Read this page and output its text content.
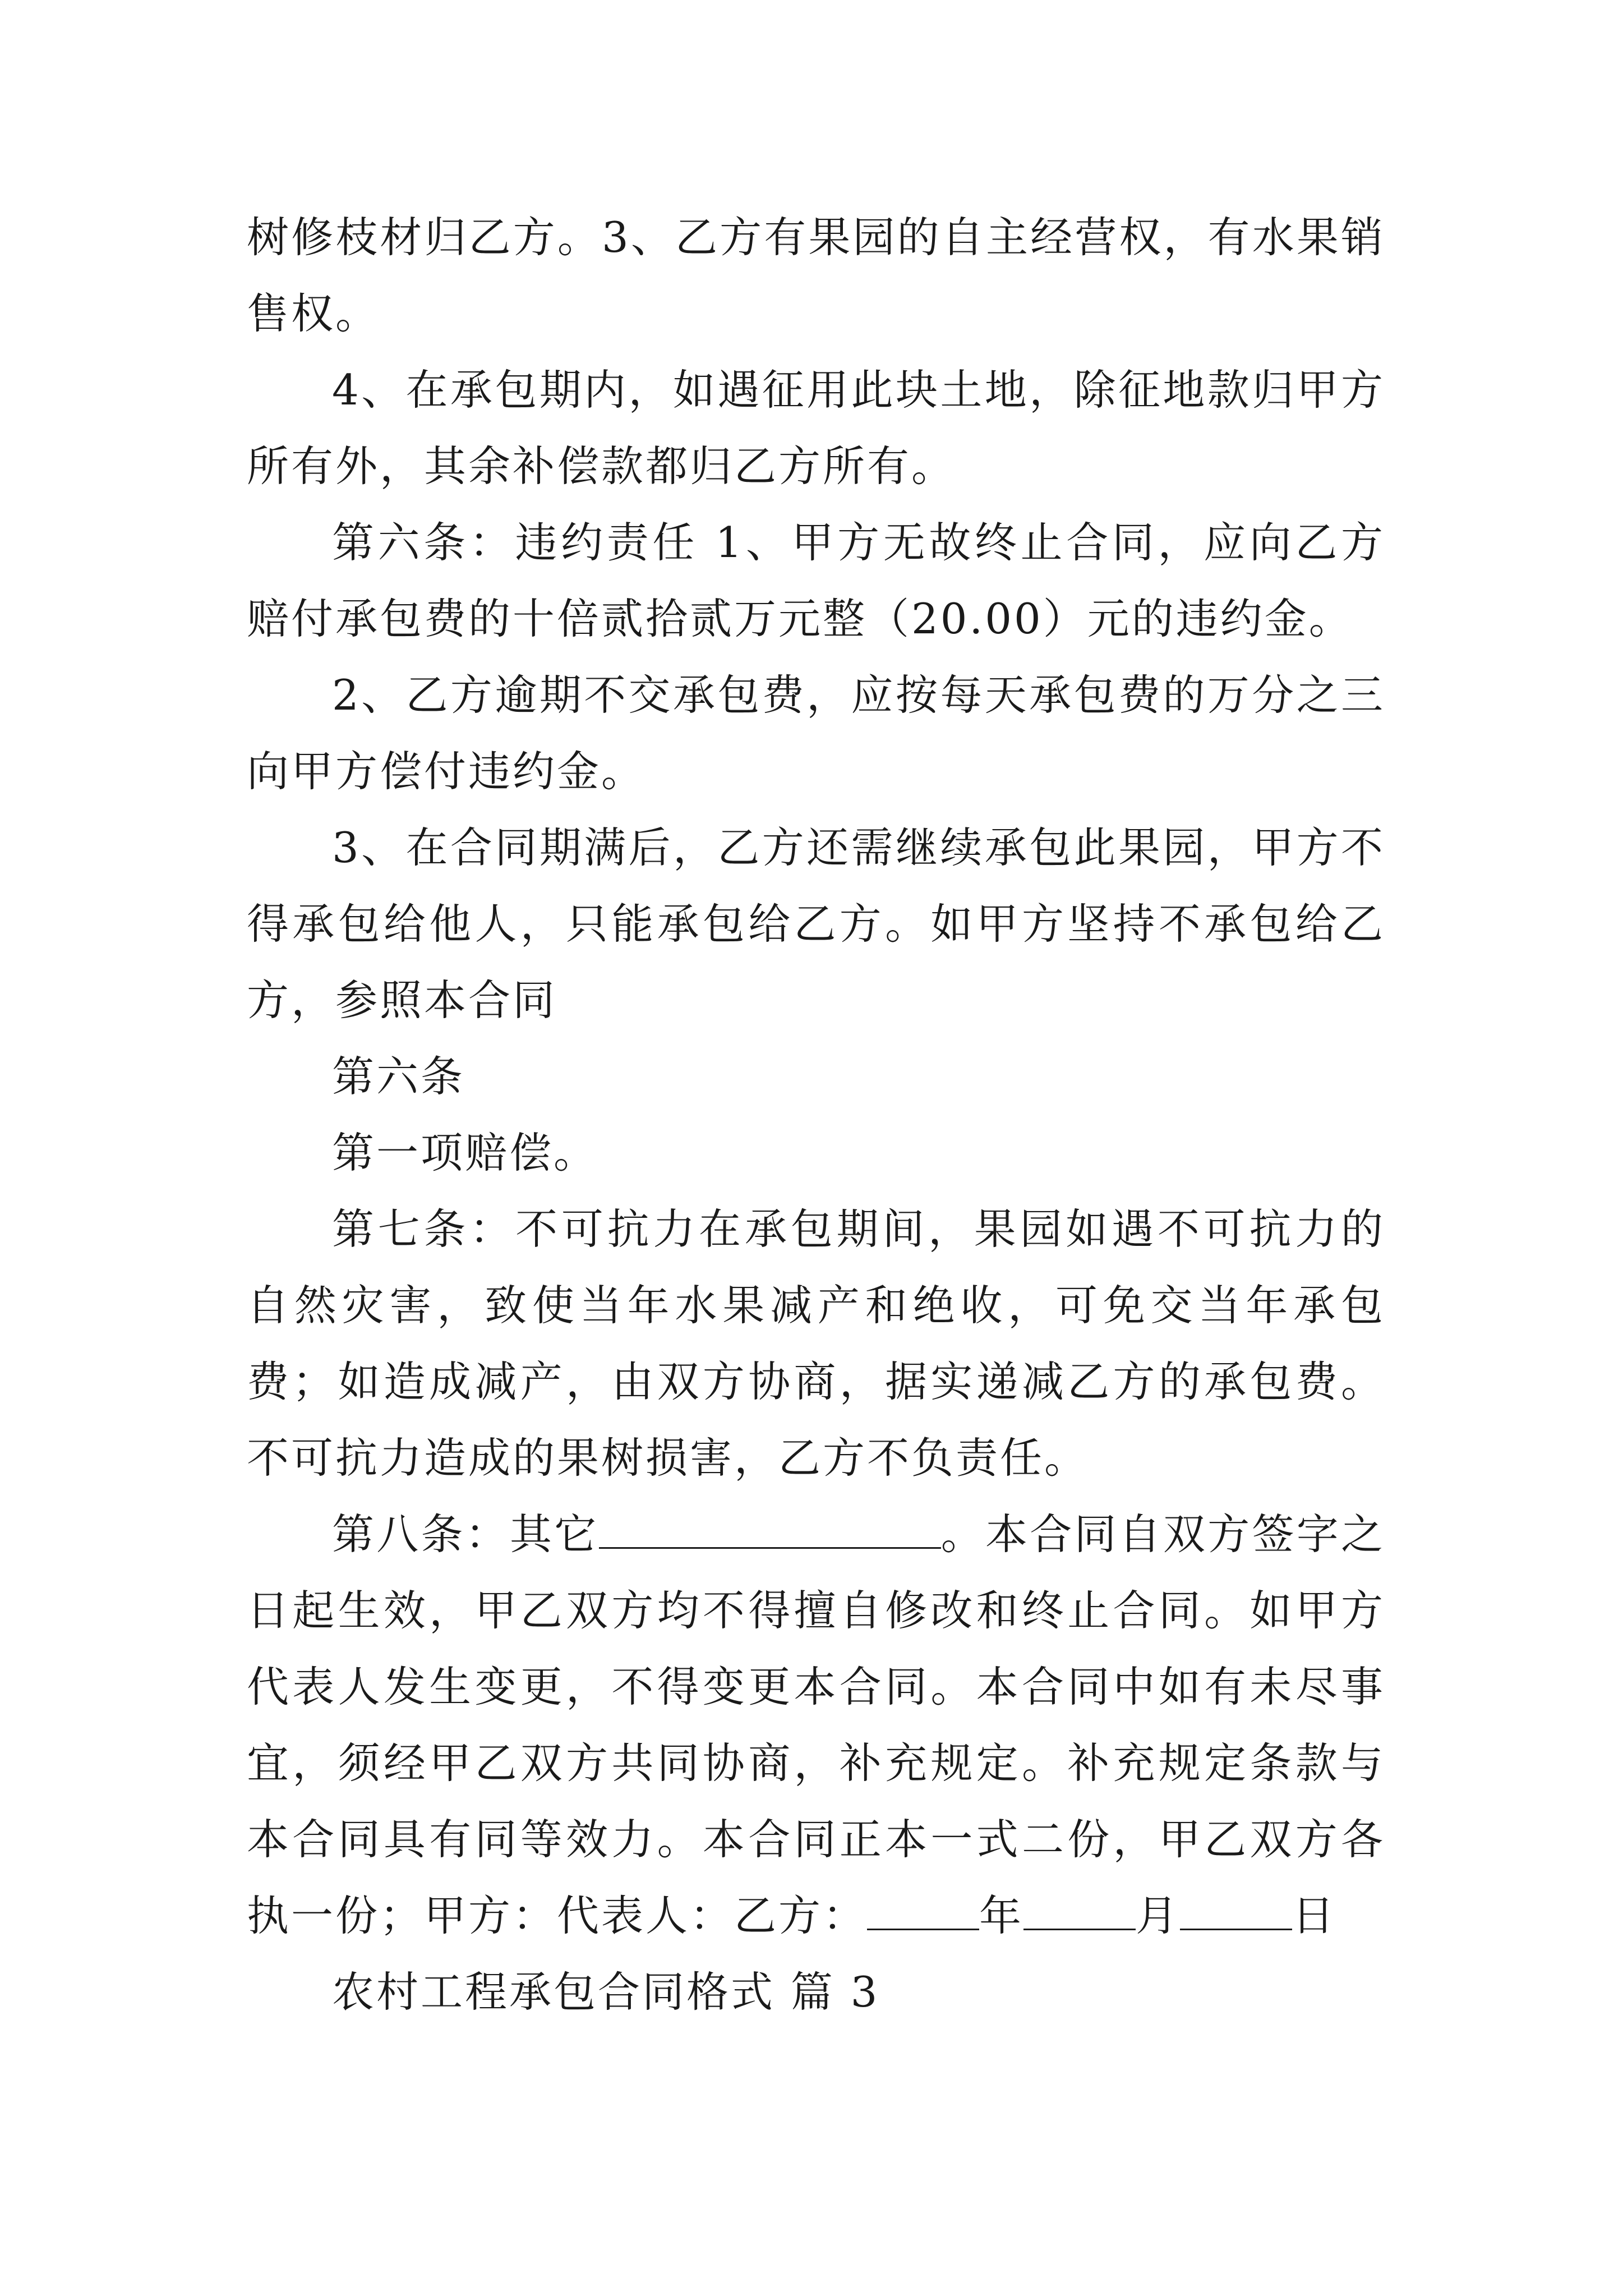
树修枝材归乙方。3、乙方有果园的自主经营权，有水果销售权。

4、在承包期内，如遇征用此块土地，除征地款归甲方所有外，其余补偿款都归乙方所有。

第六条：违约责任 1、甲方无故终止合同，应向乙方赔付承包费的十倍贰拾贰万元整（20.00）元的违约金。

2、乙方逾期不交承包费，应按每天承包费的万分之三向甲方偿付违约金。

3、在合同期满后，乙方还需继续承包此果园，甲方不得承包给他人，只能承包给乙方。如甲方坚持不承包给乙方，参照本合同

第六条

第一项赔偿。

第七条：不可抗力在承包期间，果园如遇不可抗力的自然灾害，致使当年水果减产和绝收，可免交当年承包费；如造成减产，由双方协商，据实递减乙方的承包费。不可抗力造成的果树损害，乙方不负责任。

第八条：其它	。本合同自双方签字之日起生效，甲乙双方均不得擅自修改和终止合同。如甲方代表人发生变更，不得变更本合同。本合同中如有未尽事宜，须经甲乙双方共同协商，补充规定。补充规定条款与本合同具有同等效力。本合同正本一式二份，甲乙双方各执一份；甲方：代表人：乙方：	年	月	日

农村工程承包合同格式 篇 3
